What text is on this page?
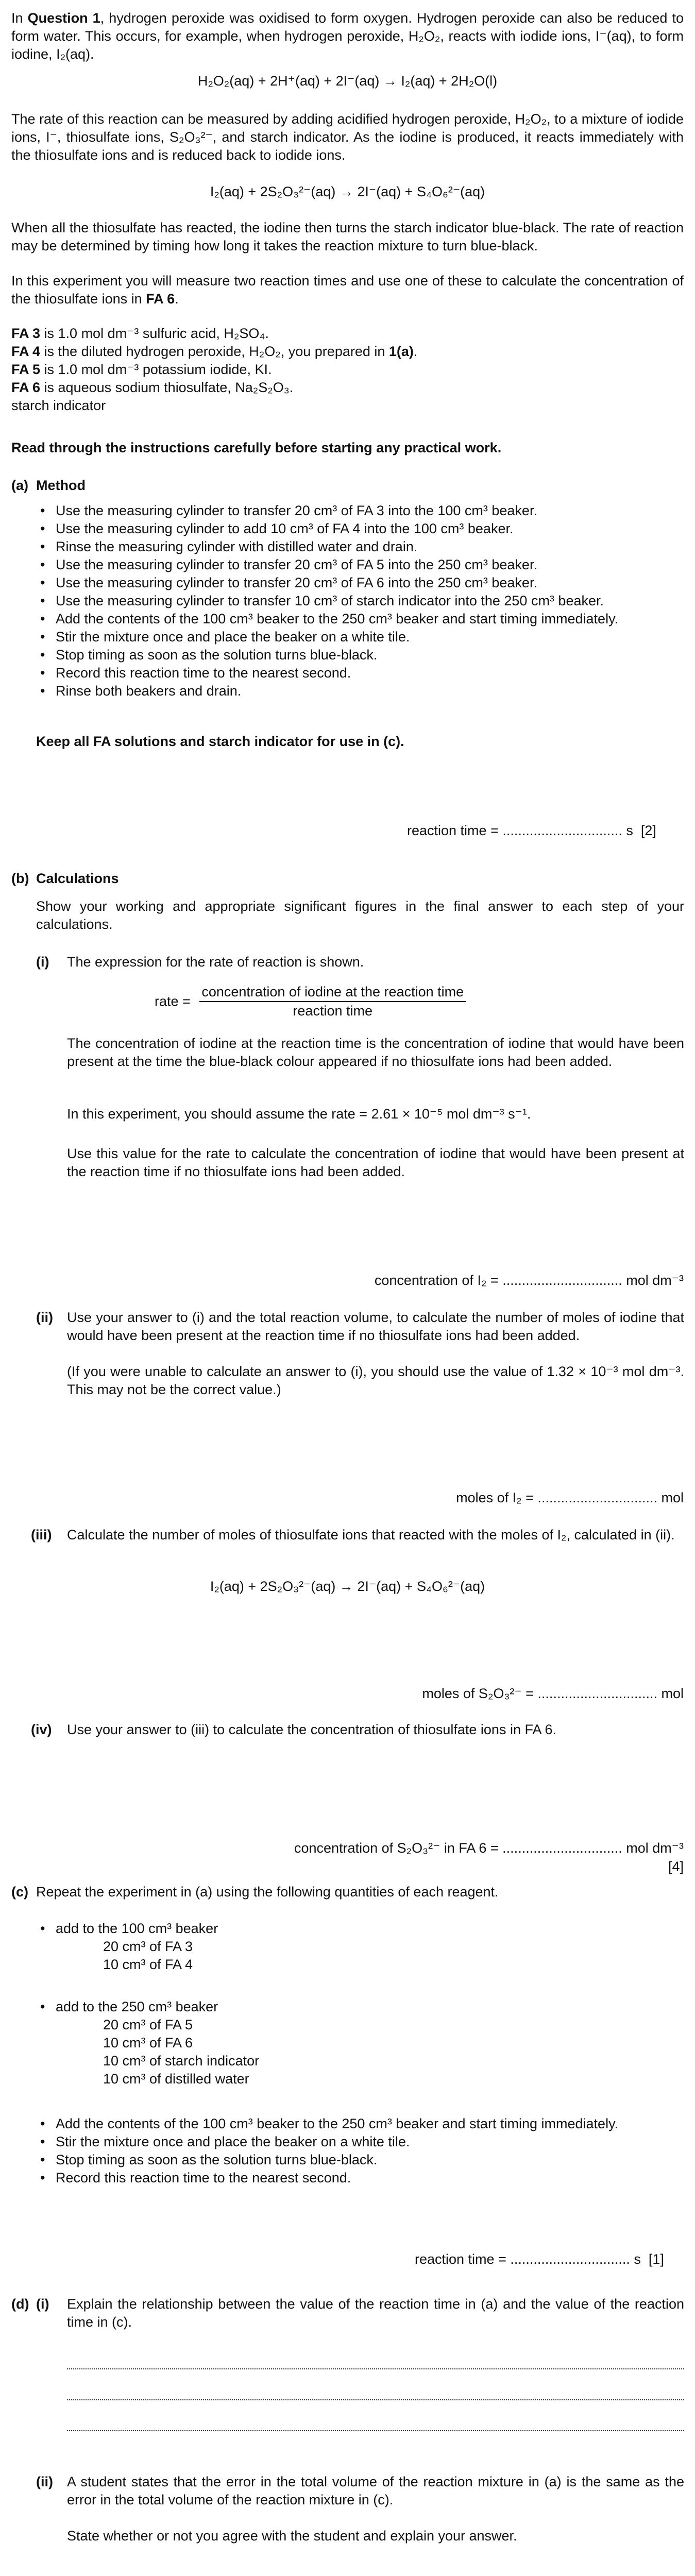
In Question 1, hydrogen peroxide was oxidised to form oxygen. Hydrogen peroxide can also be reduced to form water. This occurs, for example, when hydrogen peroxide, H₂O₂, reacts with iodide ions, I⁻(aq), to form iodine, I₂(aq).

H₂O₂(aq) + 2H⁺(aq) + 2I⁻(aq) → I₂(aq) + 2H₂O(l)

The rate of this reaction can be measured by adding acidified hydrogen peroxide, H₂O₂, to a mixture of iodide ions, I⁻, thiosulfate ions, S₂O₃²⁻, and starch indicator. As the iodine is produced, it reacts immediately with the thiosulfate ions and is reduced back to iodide ions.

I₂(aq) + 2S₂O₃²⁻(aq) → 2I⁻(aq) + S₄O₆²⁻(aq)

When all the thiosulfate has reacted, the iodine then turns the starch indicator blue-black. The rate of reaction may be determined by timing how long it takes the reaction mixture to turn blue-black.

In this experiment you will measure two reaction times and use one of these to calculate the concentration of the thiosulfate ions in FA 6.

FA 3 is 1.0 mol dm⁻³ sulfuric acid, H₂SO₄.

FA 4 is the diluted hydrogen peroxide, H₂O₂, you prepared in 1(a).

FA 5 is 1.0 mol dm⁻³ potassium iodide, KI.

FA 6 is aqueous sodium thiosulfate, Na₂S₂O₃.

starch indicator

Read through the instructions carefully before starting any practical work.

(a) Method

• Use the measuring cylinder to transfer 20 cm³ of FA 3 into the 100 cm³ beaker.
• Use the measuring cylinder to add 10 cm³ of FA 4 into the 100 cm³ beaker.
• Rinse the measuring cylinder with distilled water and drain.
• Use the measuring cylinder to transfer 20 cm³ of FA 5 into the 250 cm³ beaker.
• Use the measuring cylinder to transfer 20 cm³ of FA 6 into the 250 cm³ beaker.
• Use the measuring cylinder to transfer 10 cm³ of starch indicator into the 250 cm³ beaker.
• Add the contents of the 100 cm³ beaker to the 250 cm³ beaker and start timing immediately.
• Stir the mixture once and place the beaker on a white tile.
• Stop timing as soon as the solution turns blue-black.
• Record this reaction time to the nearest second.
• Rinse both beakers and drain.

Keep all FA solutions and starch indicator for use in (c).

reaction time = ............................... s [2]

(b) Calculations

Show your working and appropriate significant figures in the final answer to each step of your calculations.

(i) The expression for the rate of reaction is shown.

rate = $\frac{\text{concentration of iodine at the reaction time}}{\text{reaction time}}$

The concentration of iodine at the reaction time is the concentration of iodine that would have been present at the time the blue-black colour appeared if no thiosulfate ions had been added.

In this experiment, you should assume the rate = 2.61 × 10⁻⁵ mol dm⁻³ s⁻¹.

Use this value for the rate to calculate the concentration of iodine that would have been present at the reaction time if no thiosulfate ions had been added.

concentration of I₂ = ............................... mol dm⁻³

(ii) Use your answer to (i) and the total reaction volume, to calculate the number of moles of iodine that would have been present at the reaction time if no thiosulfate ions had been added.

(If you were unable to calculate an answer to (i), you should use the value of 1.32 × 10⁻³ mol dm⁻³. This may not be the correct value.)

moles of I₂ = ............................... mol

(iii) Calculate the number of moles of thiosulfate ions that reacted with the moles of I₂, calculated in (ii).

I₂(aq) + 2S₂O₃²⁻(aq) → 2I⁻(aq) + S₄O₆²⁻(aq)

moles of S₂O₃²⁻ = ............................... mol

(iv) Use your answer to (iii) to calculate the concentration of thiosulfate ions in FA 6.

concentration of S₂O₃²⁻ in FA 6 = ............................... mol dm⁻³

[4]

(c) Repeat the experiment in (a) using the following quantities of each reagent.

• add to the 100 cm³ beaker

20 cm³ of FA 3

10 cm³ of FA 4

• add to the 250 cm³ beaker

20 cm³ of FA 5

10 cm³ of FA 6

10 cm³ of starch indicator

10 cm³ of distilled water

• Add the contents of the 100 cm³ beaker to the 250 cm³ beaker and start timing immediately.
• Stir the mixture once and place the beaker on a white tile.
• Stop timing as soon as the solution turns blue-black.
• Record this reaction time to the nearest second.

reaction time = ............................... s [1]

(d) (i) Explain the relationship between the value of the reaction time in (a) and the value of the reaction time in (c).

(ii) A student states that the error in the total volume of the reaction mixture in (a) is the same as the error in the total volume of the reaction mixture in (c).

State whether or not you agree with the student and explain your answer.
